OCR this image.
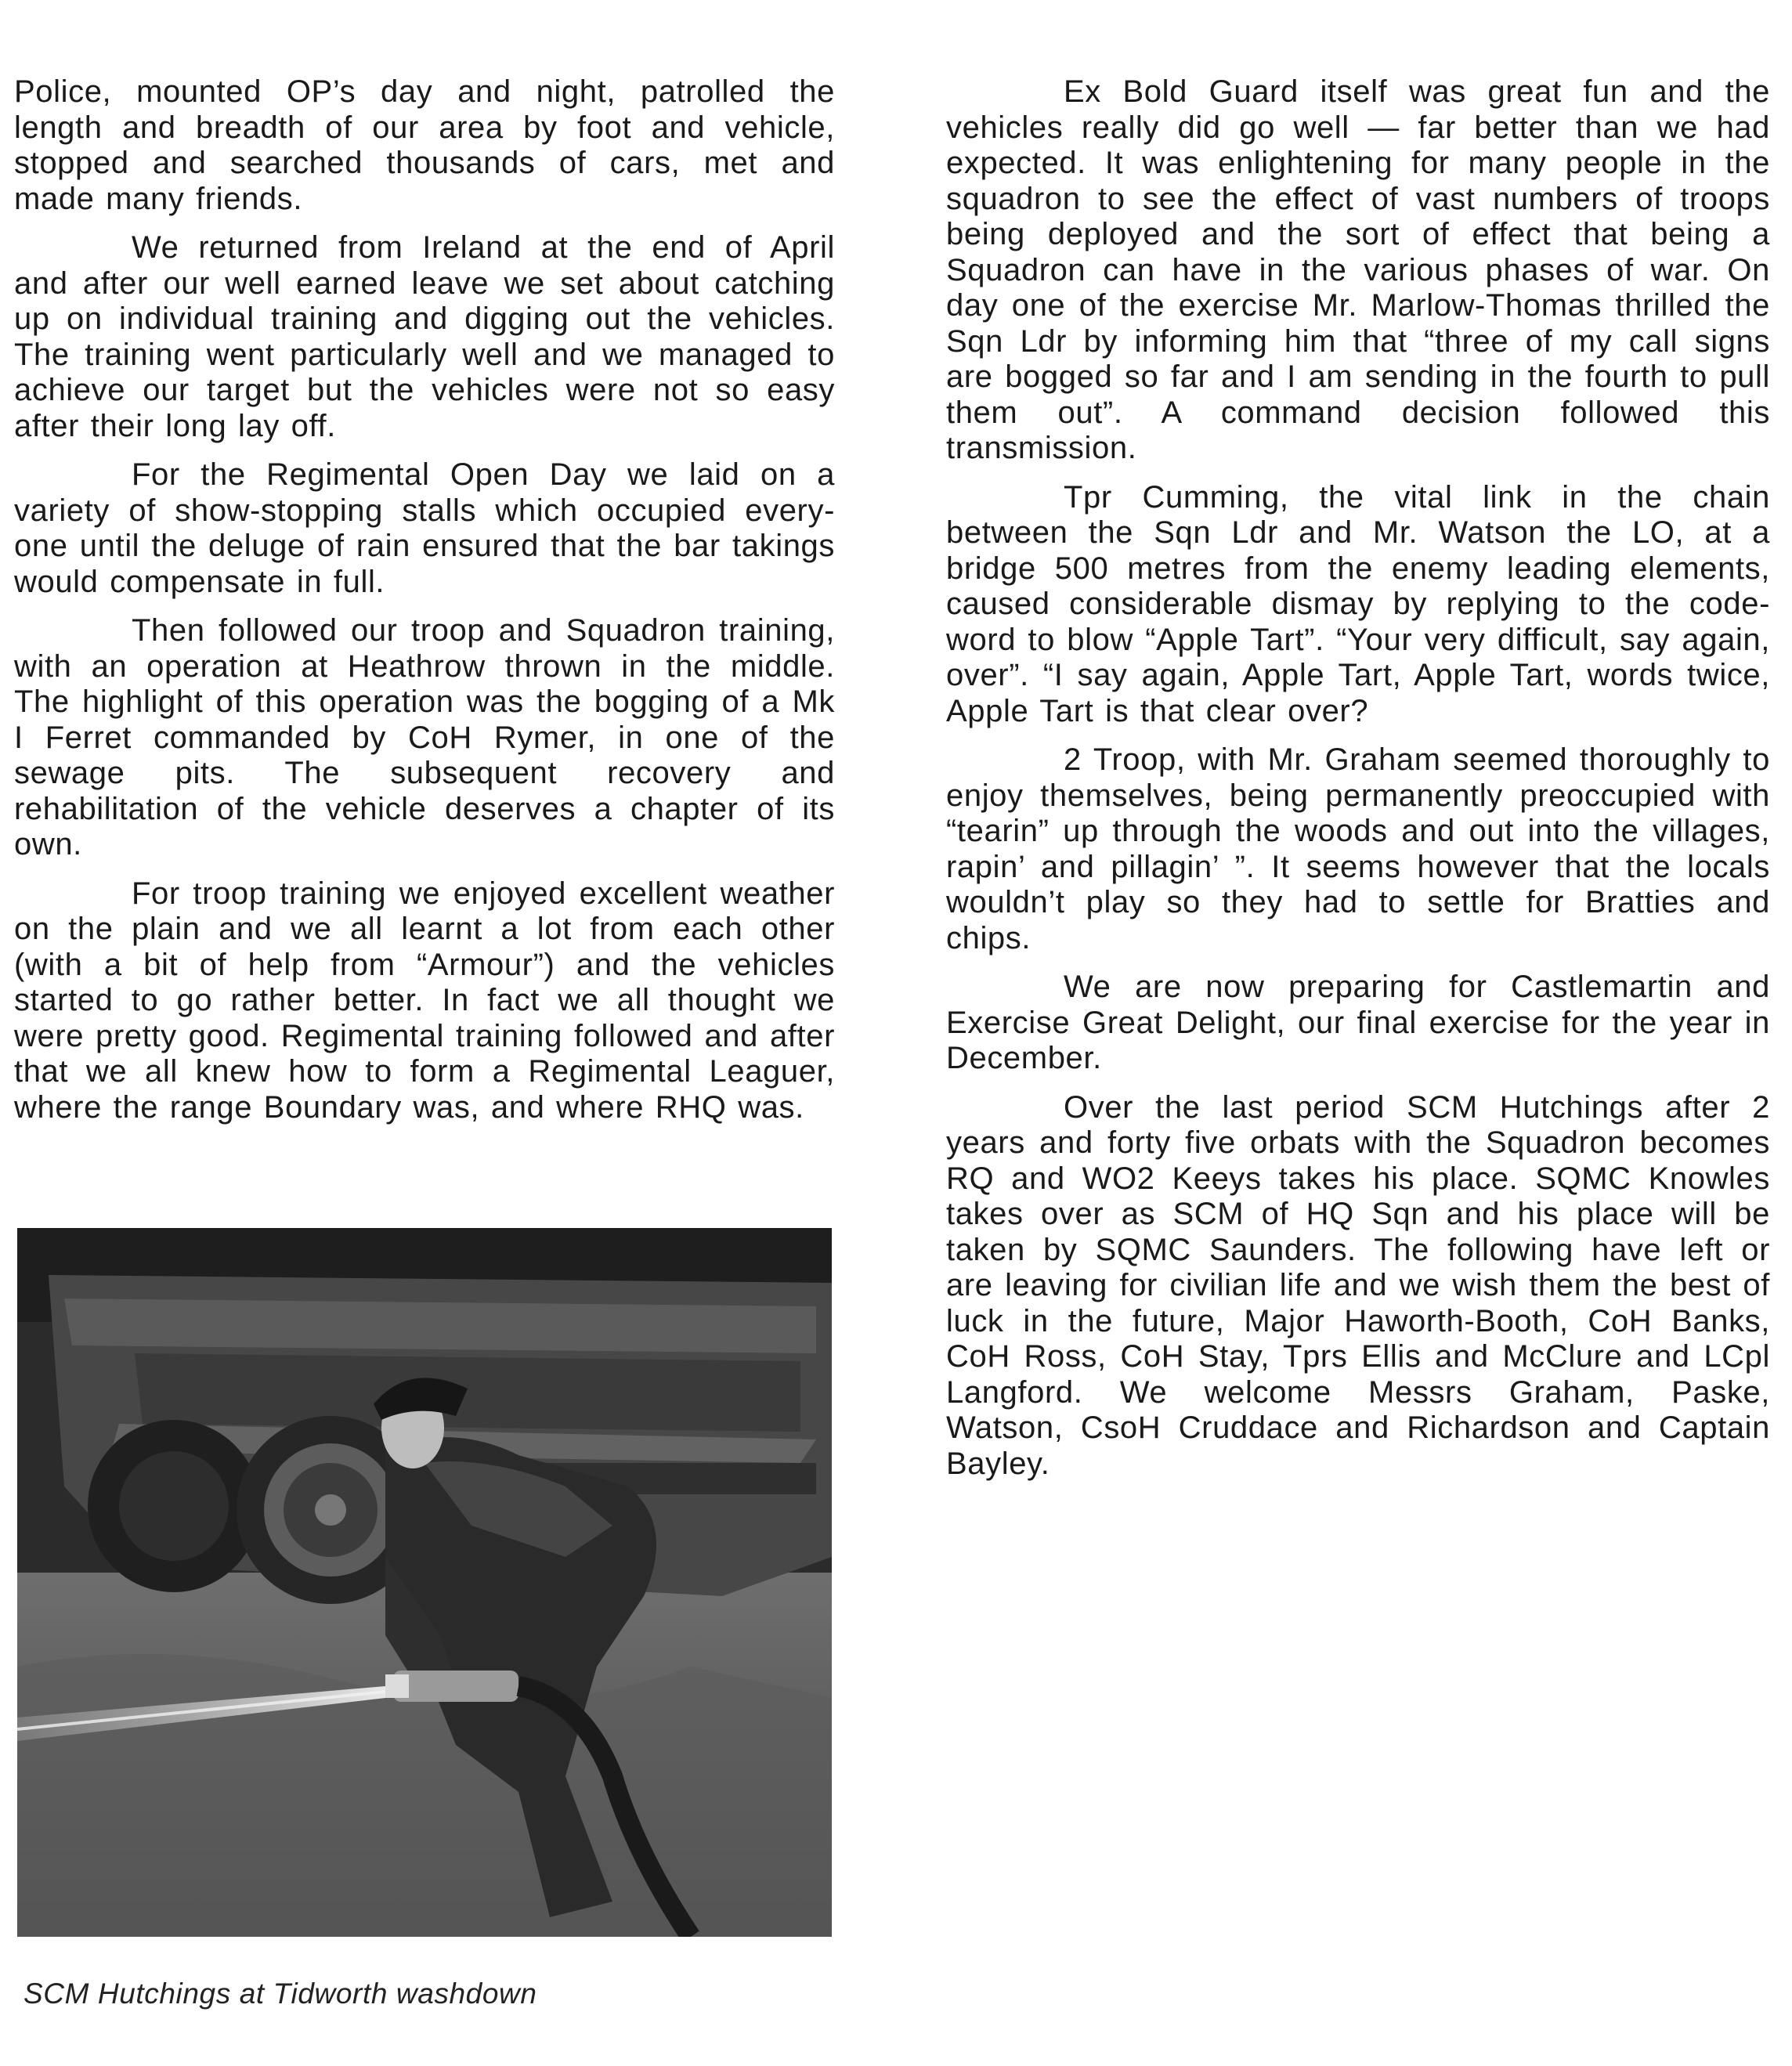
Police, mounted OP’s day and night, patrolled the length and breadth of our area by foot and vehicle, stopped and searched thousands of cars, met and made many friends.

We returned from Ireland at the end of April and after our well earned leave we set about catching up on individual training and digging out the vehicles. The training went particularly well and we managed to achieve our target but the vehicles were not so easy after their long lay off.

For the Regimental Open Day we laid on a variety of show-stopping stalls which occupied every-one until the deluge of rain ensured that the bar takings would compensate in full.

Then followed our troop and Squadron training, with an operation at Heathrow thrown in the middle. The highlight of this operation was the bogging of a Mk I Ferret commanded by CoH Rymer, in one of the sewage pits. The subsequent recovery and rehabilitation of the vehicle deserves a chapter of its own.

For troop training we enjoyed excellent weather on the plain and we all learnt a lot from each other (with a bit of help from “Armour”) and the vehicles started to go rather better. In fact we all thought we were pretty good. Regimental training followed and after that we all knew how to form a Regimental Leaguer, where the range Boundary was, and where RHQ was.

Ex Bold Guard itself was great fun and the vehicles really did go well — far better than we had expected. It was enlightening for many people in the squadron to see the effect of vast numbers of troops being deployed and the sort of effect that being a Squadron can have in the various phases of war. On day one of the exercise Mr. Marlow-Thomas thrilled the Sqn Ldr by informing him that “three of my call signs are bogged so far and I am sending in the fourth to pull them out”. A command decision followed this transmission.

Tpr Cumming, the vital link in the chain between the Sqn Ldr and Mr. Watson the LO, at a bridge 500 metres from the enemy leading elements, caused considerable dismay by replying to the code-word to blow “Apple Tart”. “Your very difficult, say again, over”. “I say again, Apple Tart, Apple Tart, words twice, Apple Tart is that clear over?

2 Troop, with Mr. Graham seemed thoroughly to enjoy themselves, being permanently preoccupied with “tearin” up through the woods and out into the villages, rapin’ and pillagin’ ”. It seems however that the locals wouldn’t play so they had to settle for Bratties and chips.

We are now preparing for Castlemartin and Exercise Great Delight, our final exercise for the year in December.

Over the last period SCM Hutchings after 2 years and forty five orbats with the Squadron becomes RQ and WO2 Keeys takes his place. SQMC Knowles takes over as SCM of HQ Sqn and his place will be taken by SQMC Saunders. The following have left or are leaving for civilian life and we wish them the best of luck in the future, Major Haworth-Booth, CoH Banks, CoH Ross, CoH Stay, Tprs Ellis and McClure and LCpl Langford. We welcome Messrs Graham, Paske, Watson, CsoH Cruddace and Richardson and Captain Bayley.

SCM Hutchings at Tidworth washdown
